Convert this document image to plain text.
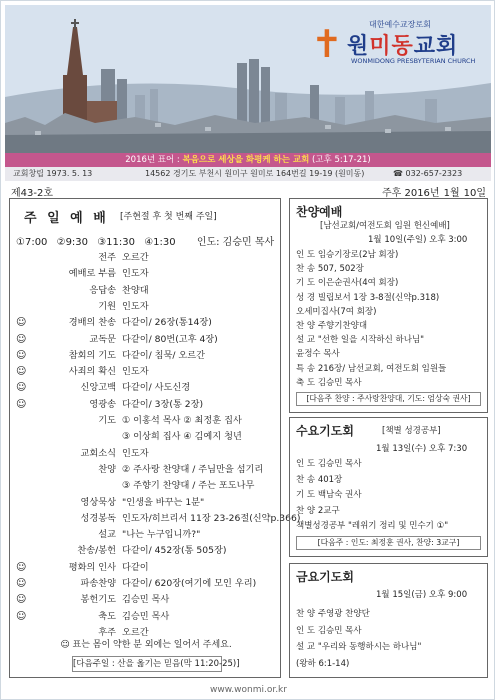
✝	대한예수교장로회
원미동교회
WONMIDONG PRESBYTERIAN CHURCH
2016년 표어 : 복음으로 세상을 화평케 하는 교회 (고후 5:17-21)
교회창립 1973. 5. 13	14562 경기도 부천시 원미구 원미로 164번길 19-19 (원미동)	☎ 032-657-2323
제43-2호	주후 2016년 1월 10일
주 일 예 배 [주현절 후 첫 번째 주일]
①7:00 ②9:30 ③11:30 ④1:30 인도: 김승민 목사
전주 오르간
예배로 부름 인도자
응답송 찬양대
기원 인도자
☺	경배의 찬송 다같이/ 26장(통14장)
☺	교독문 다같이/ 80번(고후 4장)
☺	참회의 기도 다같이/ 침묵/ 오르간
☺	사죄의 확신 인도자
☺	신앙고백 다같이/ 사도신경
☺	영광송 다같이/ 3장(통 2장)
기도 ① 이홍석 목사 ② 최정훈 집사
③ 이상희 집사 ④ 김예지 청년
교회소식 인도자
찬양 ② 주사랑 찬양대 / 주님만을 섬기리
③ 주향기 찬양대 / 주는 포도나무
영상묵상 "인생을 바꾸는 1분"
성경봉독 인도자/히브리서 11장 23-26절(신약p.366)
설교 "나는 누구입니까?"
찬송/봉헌 다같이/ 452장(통 505장)
☺	평화의 인사 다같이
☺	파송찬양 다같이/ 620장(여기에 모인 우리)
☺	봉헌기도 김승민 목사
☺	축도 김승민 목사
후주 오르간
☺ 표는 몸이 약한 분 외에는 일어서 주세요.
[다음주일 : 산을 옮기는 믿음(막 11:20-25)]
찬양예배
[남선교회/여전도회 임원 헌신예배]
1월 10일(주일) 오후 3:00
인 도 임승기장로(2남 회장)
찬 송 507, 502장
기 도 이은순권사(4여 회장)
성 경 빌립보서 1장 3-8절(신약p.318)
오세미집사(7여 회장)
찬 양 주향기찬양대
설 교 "선한 일을 시작하신 하나님"
윤정수 목사
특 송 216장/ 남선교회, 여전도회 임원들
축 도 김승민 목사
[다음주 찬양 : 주사랑찬양대, 기도: 엄상숙 권사]
수요기도회	[책별 성경공부]
1월 13일(수) 오후 7:30
인 도 김승민 목사
찬 송 401장
기 도 백남숙 권사
찬 양 2교구
책별성경공부 "레위기 정리 및 민수기 ①"
[다음주 : 인도: 최정훈 권사, 찬양: 3교구]
금요기도회
1월 15일(금) 오후 9:00
찬 양 주영광 찬양단
인 도 김승민 목사
설 교 "우리와 동행하시는 하나님"
(왕하 6:1-14)
www.wonmi.or.kr
